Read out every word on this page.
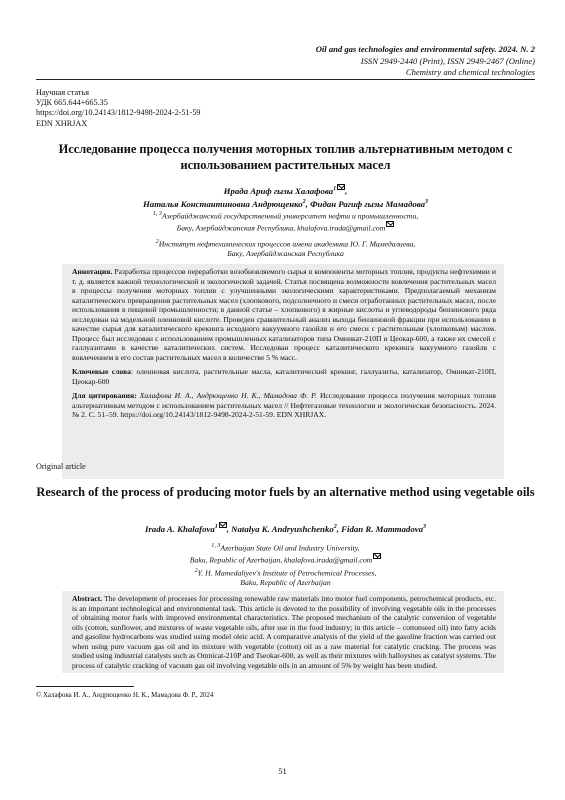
Oil and gas technologies and environmental safety. 2024. N. 2
ISSN 2949-2440 (Print), ISSN 2949-2467 (Online)
Chemistry and chemical technologies
Научная статья
УДК 665.644+665.35
https://doi.org/10.24143/1812-9498-2024-2-51-59
EDN XHRJAX
Исследование процесса получения моторных топлив альтернативным методом с использованием растительных масел
Ирада Ариф гызы Халафова$^1$ ,
Наталья Константиновна Андрющенко$^2$, Фидан Рагиф гызы Мамадова$^3$
$^{1, 3}$Азербайджанский государственный университет нефти и промышленности,
Баку, Азербайджанская Республика, khalafova.irada@gmail.com
$^2$Институт нефтехимических процессов имени академика Ю. Г. Мамедалиева,
Баку, Азербайджанская Республика

Аннотация. Разработка процессов переработки возобновляемого сырья в компоненты моторных топлив, продукты нефтехимии и т. д. является важной технологической и экологической задачей. Статья посвящена возможности вовлечения растительных масел в процессы получения моторных топлив с улучшенными экологическими характеристиками. Предполагаемый механизм каталитического превращения растительных масел (хлопкового, подсолнечного и смеси отработанных растительных масел, после использования в пищевой промышленности; в данной статье – хлопкового) в жирные кислоты и углеводороды бензинового ряда исследован на модельной олеиновой кислоте. Проведен сравнительный анализ выхода бензиновой фракции при использовании в качестве сырья для каталитического крекинга исходного вакуумного газойля и его смеси с растительным (хлопковым) маслом. Процесс был исследован с использованием промышленных катализаторов типа Омникат-210П и Цеокар-600, а также их смесей с галлуазитами в качестве каталитических систем. Исследован процесс каталитического крекинга вакуумного газойля с вовлечением в его состав растительных масел в количестве 5 % масс.

Ключевые слова: олеиновая кислота, растительные масла, каталитический крекинг, галлуазиты, катализатор, Омникат-210П, Цеокар-600

Для цитирования: Халафова И. А., Андрющенко Н. К., Мамадова Ф. Р. Исследование процесса получения моторных топлив альтернативным методом с использованием растительных масел // Нефтегазовые технологии и экологическая безопасность. 2024. № 2. С. 51–59. https://doi.org/10.24143/1812-9498-2024-2-51-59. EDN XHRJAX.

Original article
Research of the process of producing motor fuels by an alternative method using vegetable oils
Irada A. Khalafova$^1$ , Natalya K. Andryushchenko$^2$, Fidan R. Mammadova$^3$
$^{1, 3}$Azerbaijan State Oil and Industry University,
Baku, Republic of Azerbaijan, khalafova.irada@gmail.com
$^2$Y. H. Mamedaliyev's Institute of Petrochemical Processes,
Baku, Republic of Azerbaijan

Abstract. The development of processes for processing renewable raw materials into motor fuel components, petrochemical products, etc. is an important technological and environmental task. This article is devoted to the possibility of involving vegetable oils in the processes of obtaining motor fuels with improved environmental characteristics. The proposed mechanism of the catalytic conversion of vegetable oils (cotton, sunflower, and mixtures of waste vegetable oils, after use in the food industry; in this article – cottonseed oil) into fatty acids and gasoline hydrocarbons was studied using model oleic acid. A comparative analysis of the yield of the gasoline fraction was carried out when using pure vacuum gas oil and its mixture with vegetable (cotton) oil as a raw material for catalytic cracking. The process was studied using industrial catalysts such as Omnicat-210P and Tseokar-600, as well as their mixtures with halloysites as catalyst systems. The process of catalytic cracking of vacuum gas oil involving vegetable oils in an amount of 5% by weight has been studied.

© Халафова И. А., Андрющенко Н. К., Мамадова Ф. Р., 2024
51
